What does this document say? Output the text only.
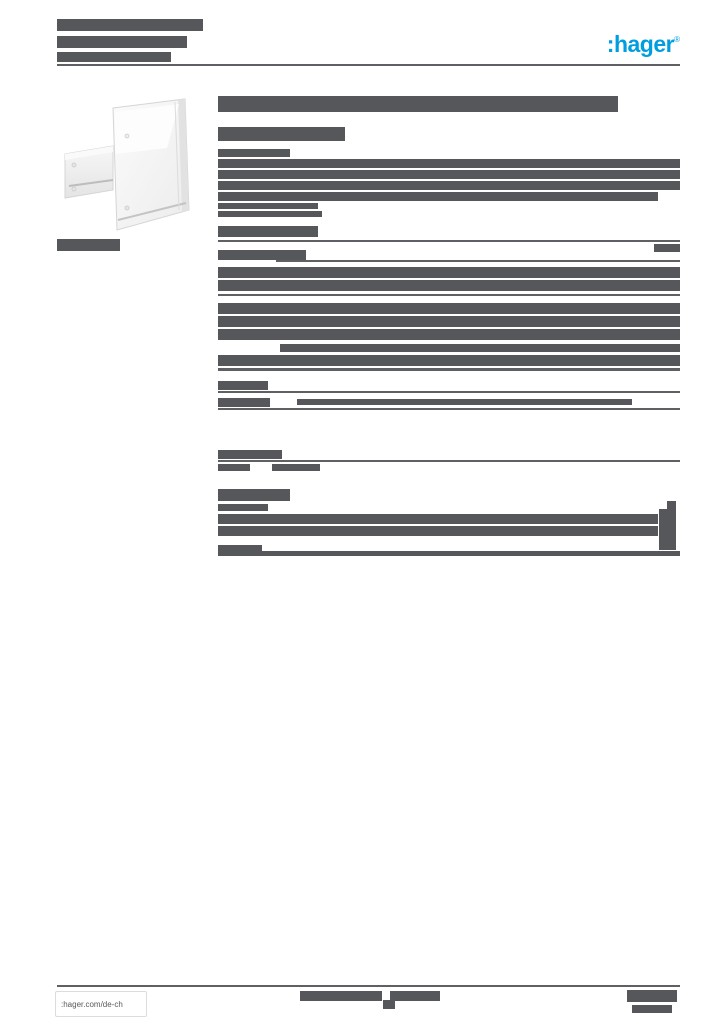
:hager®
:hager.com/de-ch
